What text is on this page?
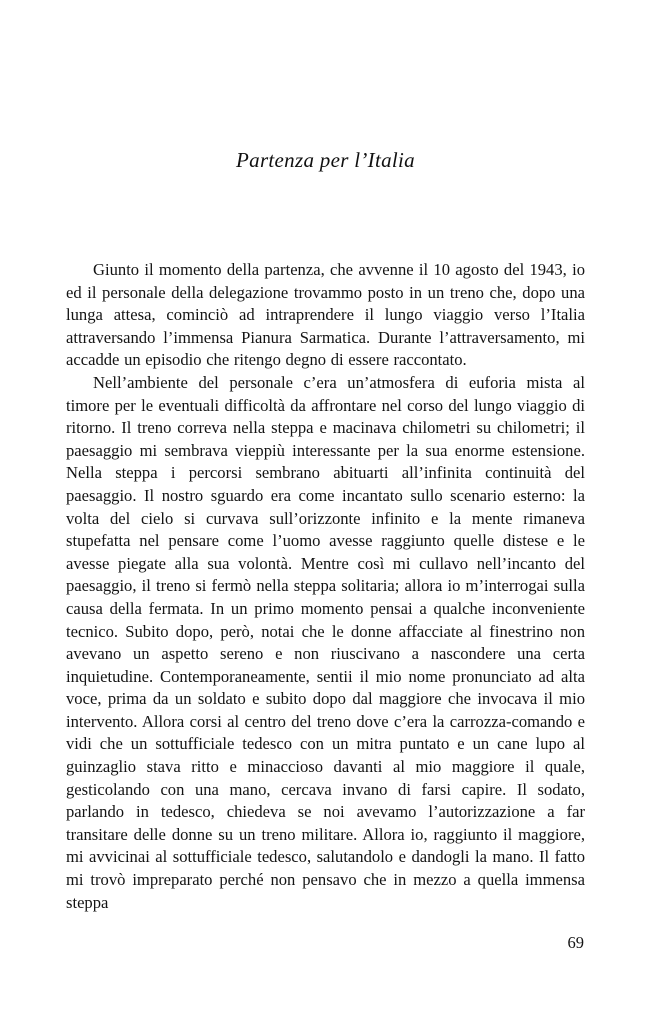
Partenza per l’Italia

Giunto il momento della partenza, che avvenne il 10 agosto del 1943, io ed il personale della delegazione trovammo posto in un treno che, dopo una lunga attesa, cominciò ad intraprendere il lungo viaggio verso l’Italia attraversando l’immensa Pianura Sarmatica. Durante l’attraversamento, mi accadde un episodio che ritengo degno di essere raccontato.

Nell’ambiente del personale c’era un’atmosfera di euforia mista al timore per le eventuali difficoltà da affrontare nel corso del lungo viaggio di ritorno. Il treno correva nella steppa e macinava chilometri su chilometri; il paesaggio mi sembrava vieppiù interessante per la sua enorme estensione. Nella steppa i percorsi sembrano abituarti all’infinita continuità del paesaggio. Il nostro sguardo era come incantato sullo scenario esterno: la volta del cielo si curvava sull’orizzonte infinito e la mente rimaneva stupefatta nel pensare come l’uomo avesse raggiunto quelle distese e le avesse piegate alla sua volontà. Mentre così mi cullavo nell’incanto del paesaggio, il treno si fermò nella steppa solitaria; allora io m’interrogai sulla causa della fermata. In un primo momento pensai a qualche inconveniente tecnico. Subito dopo, però, notai che le donne affacciate al finestrino non avevano un aspetto sereno e non riuscivano a nascondere una certa inquietudine. Contemporaneamente, sentii il mio nome pronunciato ad alta voce, prima da un soldato e subito dopo dal maggiore che invocava il mio intervento. Allora corsi al centro del treno dove c’era la carrozza-comando e vidi che un sottufficiale tedesco con un mitra puntato e un cane lupo al guinzaglio stava ritto e minaccioso davanti al mio maggiore il quale, gesticolando con una mano, cercava invano di farsi capire. Il sodato, parlando in tedesco, chiedeva se noi avevamo l’autorizzazione a far transitare delle donne su un treno militare. Allora io, raggiunto il maggiore, mi avvicinai al sottufficiale tedesco, salutandolo e dandogli la mano. Il fatto mi trovò impreparato perché non pensavo che in mezzo a quella immensa steppa

69
